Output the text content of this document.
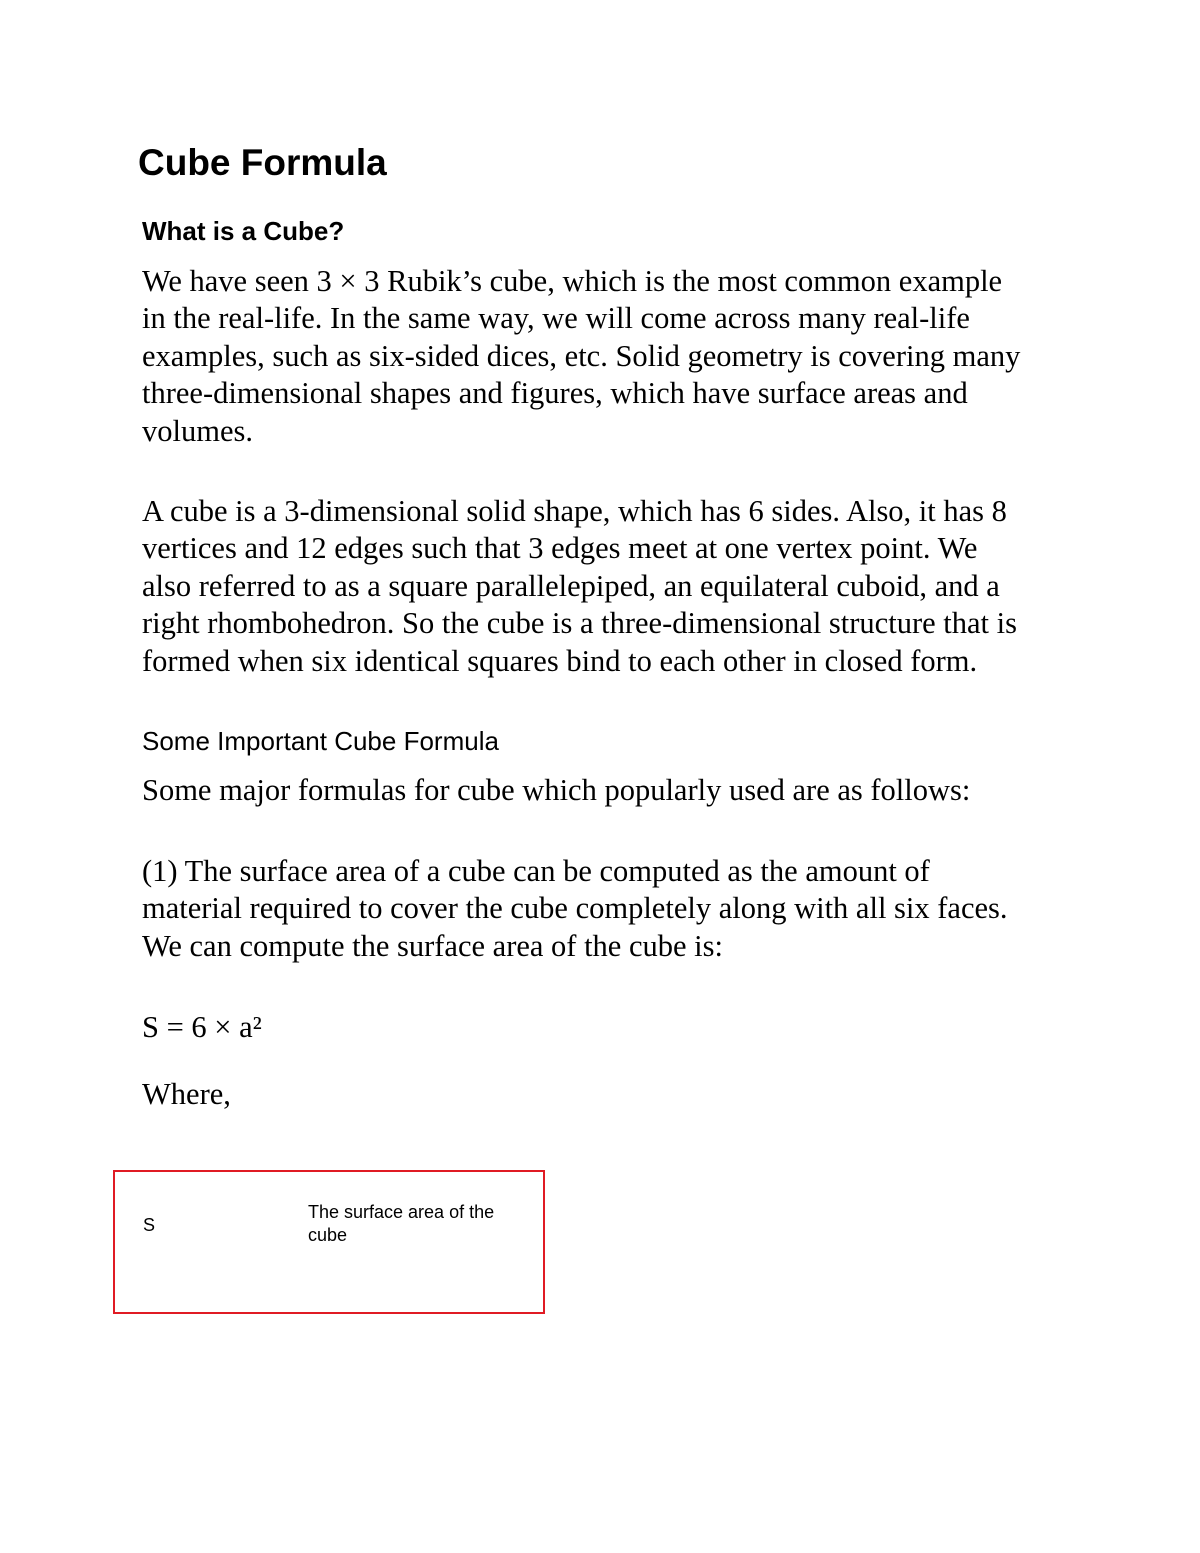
Cube Formula
What is a Cube?

We have seen 3 × 3 Rubik’s cube, which is the most common example
in the real-life. In the same way, we will come across many real-life
examples, such as six-sided dices, etc. Solid geometry is covering many
three-dimensional shapes and figures, which have surface areas and
volumes.

A cube is a 3-dimensional solid shape, which has 6 sides. Also, it has 8
vertices and 12 edges such that 3 edges meet at one vertex point. We
also referred to as a square parallelepiped, an equilateral cuboid, and a
right rhombohedron. So the cube is a three-dimensional structure that is
formed when six identical squares bind to each other in closed form.

Some Important Cube Formula

Some major formulas for cube which popularly used are as follows:

(1) The surface area of a cube can be computed as the amount of
material required to cover the cube completely along with all six faces.
We can compute the surface area of the cube is:

S = 6 × a²

Where,

S
The surface area of the
cube
